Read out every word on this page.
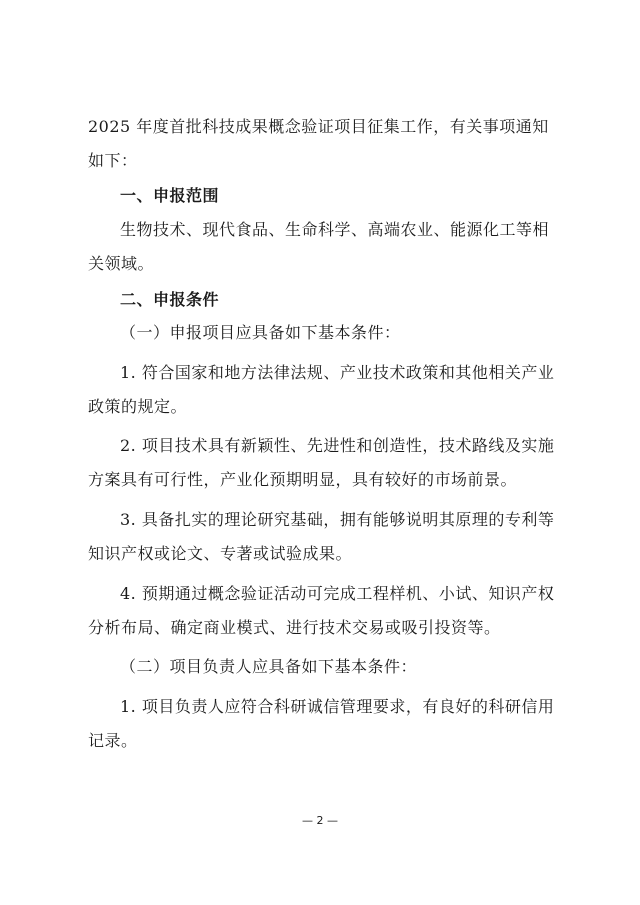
2025 年度首批科技成果概念验证项目征集工作，有关事项通知
如下：
一、申报范围
生物技术、现代食品、生命科学、高端农业、能源化工等相
关领域。
二、申报条件
（一）申报项目应具备如下基本条件：
1. 符合国家和地方法律法规、产业技术政策和其他相关产业
政策的规定。
2. 项目技术具有新颖性、先进性和创造性，技术路线及实施
方案具有可行性，产业化预期明显，具有较好的市场前景。
3. 具备扎实的理论研究基础，拥有能够说明其原理的专利等
知识产权或论文、专著或试验成果。
4. 预期通过概念验证活动可完成工程样机、小试、知识产权
分析布局、确定商业模式、进行技术交易或吸引投资等。
（二）项目负责人应具备如下基本条件：
1. 项目负责人应符合科研诚信管理要求，有良好的科研信用
记录。
— 2 —
